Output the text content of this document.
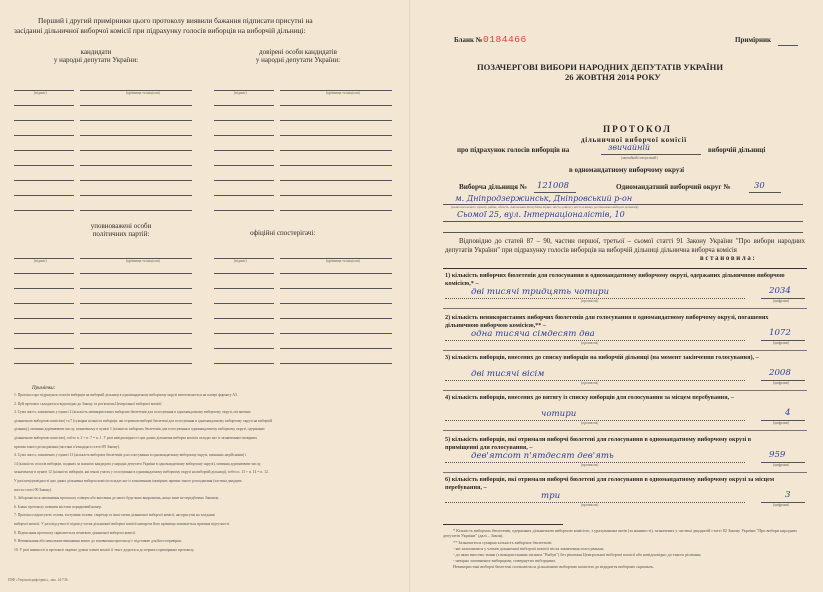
Перший і другий примірники цього протоколу виявили бажання підписати присутні на
засіданні дільничної виборчої комісії при підрахунку голосів виборців на виборчій дільниці:
кандидати
у народні депутати України:
довірені особи кандидатів
у народні депутати України:
(підпис)	(прізвище та ініціали)	(підпис)	(прізвище та ініціали)
уповноважені особи
політичних партій:	офіційні спостерігачі:
(підпис)	(прізвище та ініціали)	(підпис)	(прізвище та ініціали)
Примітки:
1. Протокол про підрахунок голосів виборців на виборчій дільниці в одномандатному виборчому окрузі виготовляється на папері формату А3.
2. Цей протокол складається відповідно до Закону та роз'яснень Центральної виборчої комісії.
3. Сума чисел, зазначених у пункті 2 (кількість невикористаних виборчих бюлетенів для голосування в одномандатному виборчому окрузі, погашених
дільничною виборчою комісією) та 7 (сумарна кількість виборців, які отримали виборчі бюлетені для голосування в одномандатному виборчому окрузі на виборчій
дільниці), повинна дорівнювати числу, зазначеному в пункті 1 (кількість виборчих бюлетенів для голосування в одномандатному виборчому окрузі, одержаних
дільничною виборчою комісією), тобто п. 2 + п. 7 = п. 1. У разі невідповідності цих даних дільнична виборча комісія складає акт із зазначенням імовірних
причин такого розходження (частина п'ятнадцята статті 89 Закону).
4. Сума чисел, зазначених у пункті 13 (кількість виборчих бюлетенів для голосування в одномандатному виборчому окрузі, визнаних недійсними) і
14 (кількість голосів виборців, поданих за кожного кандидата у народні депутати України в одномандатному виборчому окрузі), повинна дорівнювати числу,
зазначеному в пункті 12 (кількість виборців, які взяли участь у голосуванні в одномандатному виборчому окрузі на виборчій дільниці), тобто п. 13 + п. 14 = п. 12.
У разі невідповідності цих даних дільнична виборча комісія складає акт із зазначенням імовірних причин такого розходження (частина двадцять
шоста статті 90 Закону).
5. Заборонається заповнення протоколу олівцем або внесення до нього будь-яких виправлень, якщо інше не передбачено Законом.
6. Бланк протоколу повинен містити порядковий номер.
7. Протокол підписують голова, заступник голови, секретар та інші члени дільничної виборчої комісії, які присутні на засіданні
виборчої комісії. У разі відсутності підпису члена дільничної виборчої комісії навпроти його прізвища зазначається причина відсутності.
8. Підписання протоколу скріплюється печаткою дільничної виборчої комісії.
9. Невиконання або неналежне виконання вимог до заповнення протоколу є підставою для його перевірки.
10. У разі наявності в протоколі окремої думки членів комісії її текст додається до першого примірника протоколу.
ПЗФ «Укрполіграфсервіс», зам. 14-736
Бланк № 0184466	Примірник
ПОЗАЧЕРГОВІ ВИБОРИ НАРОДНИХ ДЕПУТАТІВ УКРАЇНИ
26 ЖОВТНЯ 2014 РОКУ
ПРОТОКОЛ
дільничної виборчої комісії
про підрахунок голосів виборців на	звичайній
(звичайній/спеціальній)
виборчій дільниці
в одномандатному виборчому окрузі
Виборча дільниця № 121008	Одномандатний виборчий округ №	30
м. Дніпродзержинськ, Дніпровський р-он
(назва населеного пункту, район, область, Автономна Республіка Крим / місто, район у місті, в якому розташована виборча дільниця)
Сьомої 25, вул. Інтернаціоналістів, 10
Відповідно до статей 87 – 90, частин першої, третьої – сьомої статті 91 Закону України "Про вибори народних депутатів України" при підрахунку голосів виборців на виборчій дільниці дільнична виборча комісія
в с т а н о в и л а :
1) кількість виборчих бюлетенів для голосування в одномандатному виборчому окрузі, одержаних дільничною виборчою комісією,* –
дві тисячі тридцять чотири
(прописом)
2034
(цифрами)
2) кількість невикористаних виборчих бюлетенів для голосування в одномандатному виборчому окрузі, погашених дільничною виборчою комісією,** –
одна тисяча сімдесят два
(прописом)
1072
(цифрами)
3) кількість виборців, внесених до списку виборців на виборчій дільниці (на момент закінчення голосування), –
дві тисячі вісім
(прописом)
2008
(цифрами)
4) кількість виборців, внесених до витягу із списку виборців для голосування за місцем перебування, –
чотири
(прописом)
4
(цифрами)
5) кількість виборців, які отримали виборчі бюлетені для голосування в одномандатному виборчому окрузі в приміщенні для голосування, –
дев'ятсот п'ятдесят дев'ять
(прописом)
959
(цифрами)
6) кількість виборців, які отримали виборчі бюлетені для голосування в одномандатному виборчому окрузі за місцем перебування, –
три
(прописом)
3
(цифрами)
* Кількість виборчих бюлетенів, одержаних дільничною виборчою комісією, з урахуванням актів (за наявності), зазначених у частині двадцятій статті 82 Закону України "Про вибори народних депутатів України" (далі – Закон).
** Зазначається сумарна кількість виборчих бюлетенів:
- які залишилися у членів дільничної виборчої комісії після закінчення голосування;
- до яких внесено зміни (з використанням штампа "Вибув") без рішення Центральної виборчої комісії або невідповідно до такого рішення;
- невірно заповнених виборцями, повернутих виборцями.
Невикористані виборчі бюлетені погашаються дільничною виборчою комісією до відкриття виборчих скриньок.
